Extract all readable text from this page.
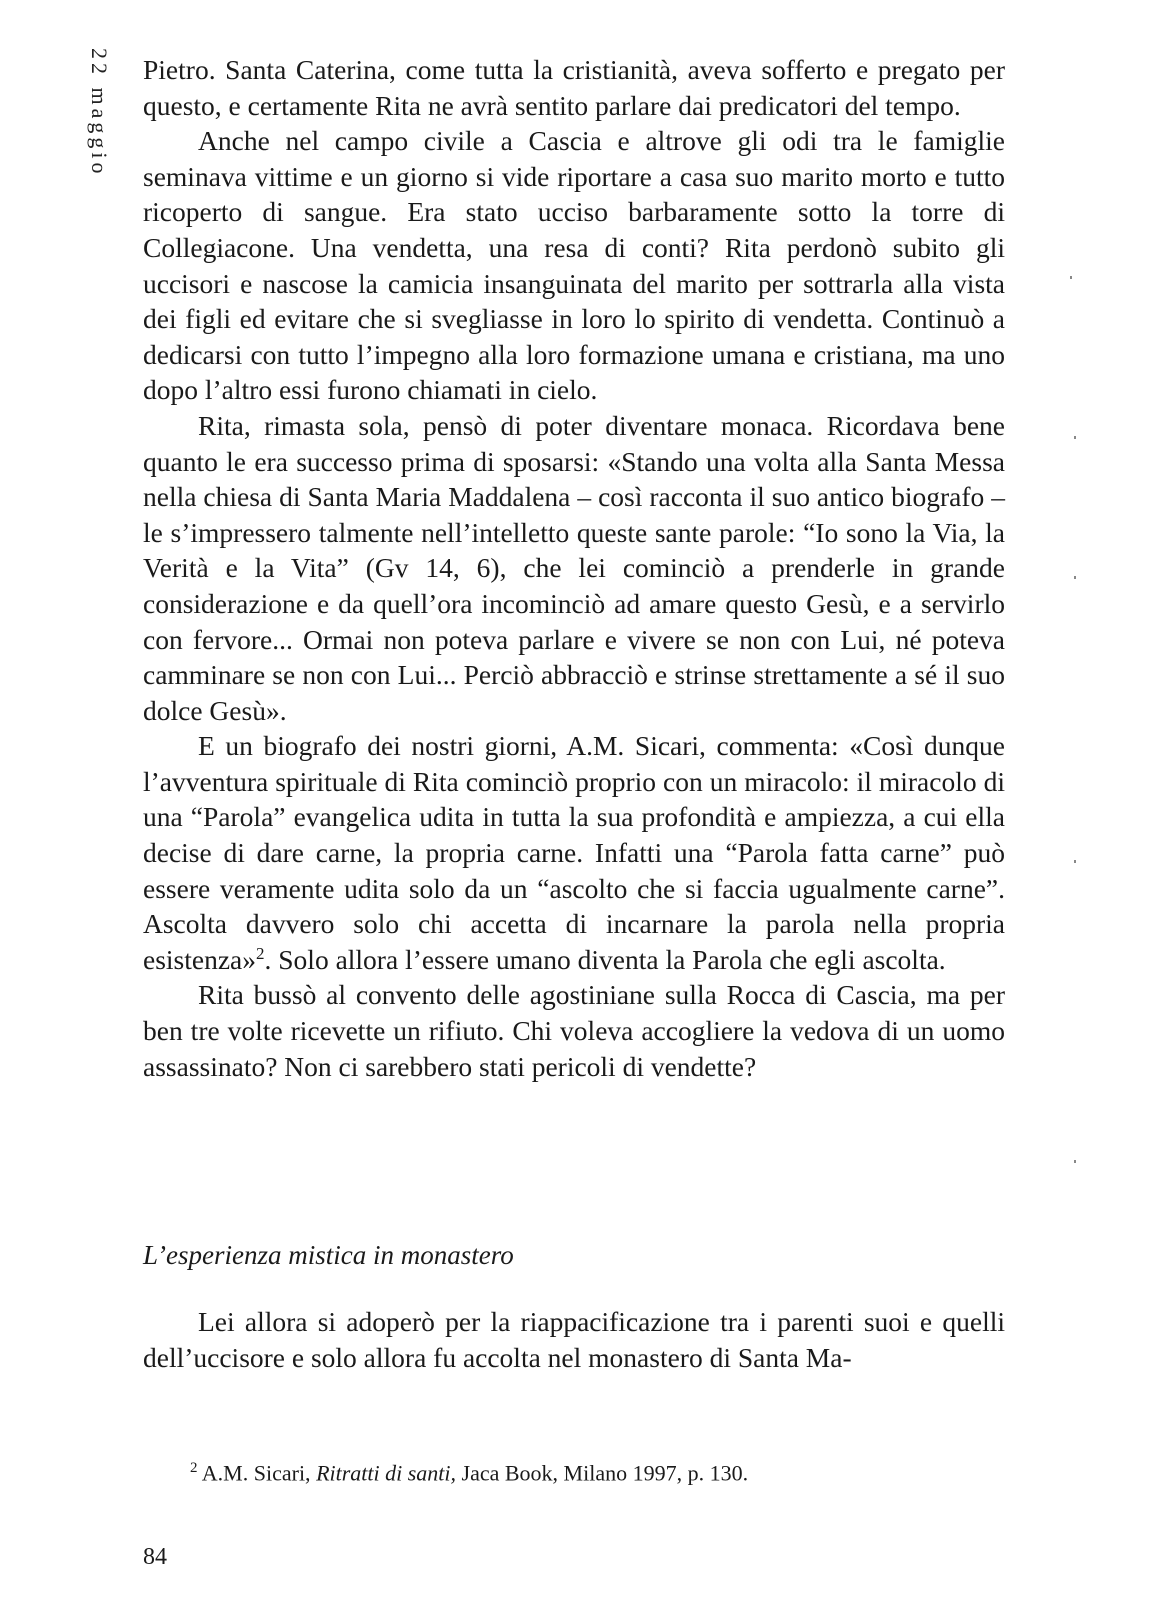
22 maggio Pietro. Santa Caterina, come tutta la cristianità, aveva sofferto e pregato per questo, e certamente Rita ne avrà sentito parlare dai predicatori del tempo.

Anche nel campo civile a Cascia e altrove gli odi tra le famiglie seminava vittime e un giorno si vide riportare a casa suo marito morto e tutto ricoperto di sangue. Era stato ucciso barbaramente sotto la torre di Collegiacone. Una vendetta, una resa di conti? Rita perdonò subito gli uccisori e nascose la camicia insanguinata del marito per sottrarla alla vista dei figli ed evitare che si svegliasse in loro lo spirito di vendetta. Continuò a dedicarsi con tutto l’impegno alla loro formazione umana e cristiana, ma uno dopo l’altro essi furono chiamati in cielo.

Rita, rimasta sola, pensò di poter diventare monaca. Ricordava bene quanto le era successo prima di sposarsi: «Stando una volta alla Santa Messa nella chiesa di Santa Maria Maddalena – così racconta il suo antico biografo – le s’impressero talmente nell’intelletto queste sante parole: “Io sono la Via, la Verità e la Vita” (Gv 14, 6), che lei cominciò a prenderle in grande considerazione e da quell’ora incominciò ad amare questo Gesù, e a servirlo con fervore... Ormai non poteva parlare e vivere se non con Lui, né poteva camminare se non con Lui... Perciò abbracciò e strinse strettamente a sé il suo dolce Gesù».

E un biografo dei nostri giorni, A.M. Sicari, commenta: «Così dunque l’avventura spirituale di Rita cominciò proprio con un miracolo: il miracolo di una “Parola” evangelica udita in tutta la sua profondità e ampiezza, a cui ella decise di dare carne, la propria carne. Infatti una “Parola fatta carne” può essere veramente udita solo da un “ascolto che si faccia ugualmente carne”. Ascolta davvero solo chi accetta di incarnare la parola nella propria esistenza»$^2$. Solo allora l’essere umano diventa la Parola che egli ascolta.

Rita bussò al convento delle agostiniane sulla Rocca di Cascia, ma per ben tre volte ricevette un rifiuto. Chi voleva accogliere la vedova di un uomo assassinato? Non ci sarebbero stati pericoli di vendette?

L’esperienza mistica in monastero

Lei allora si adoperò per la riappacificazione tra i parenti suoi e quelli dell’uccisore e solo allora fu accolta nel monastero di Santa Ma-

$^2$ A.M. Sicari, Ritratti di santi, Jaca Book, Milano 1997, p. 130.
84
